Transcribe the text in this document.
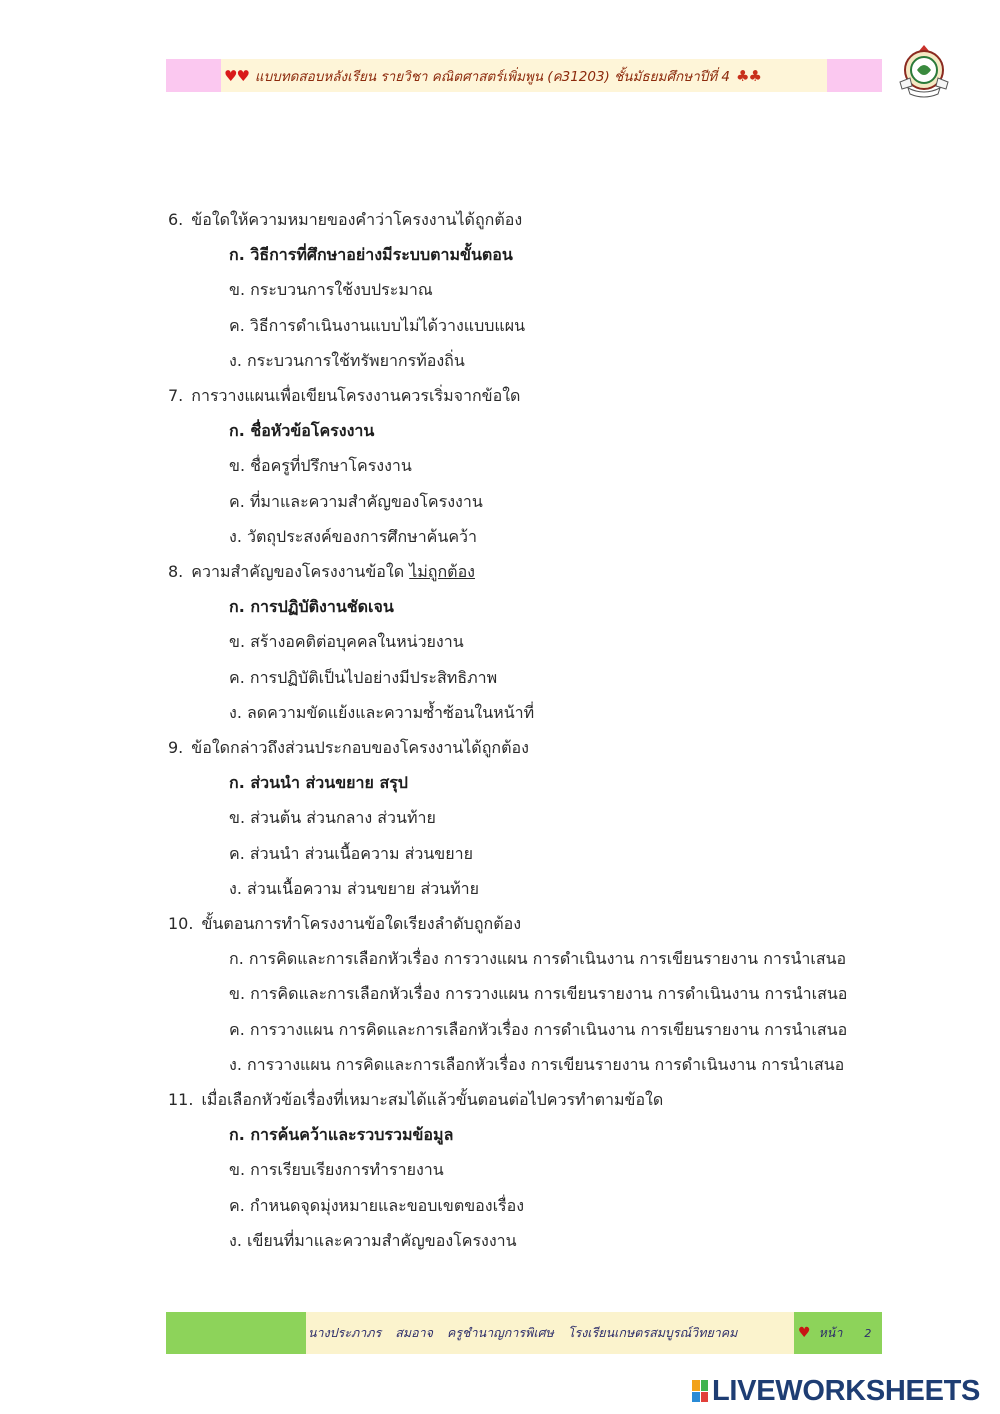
♥♥ แบบทดสอบหลังเรียน รายวิชา คณิตศาสตร์เพิ่มพูน (ค31203) ชั้นมัธยมศึกษาปีที่ 4 ♣♣
6. ข้อใดให้ความหมายของคำว่าโครงงานได้ถูกต้อง
ก. วิธีการที่ศึกษาอย่างมีระบบตามขั้นตอน
ข. กระบวนการใช้งบประมาณ
ค. วิธีการดำเนินงานแบบไม่ได้วางแบบแผน
ง. กระบวนการใช้ทรัพยากรท้องถิ่น
7. การวางแผนเพื่อเขียนโครงงานควรเริ่มจากข้อใด
ก. ชื่อหัวข้อโครงงาน
ข. ชื่อครูที่ปรึกษาโครงงาน
ค. ที่มาและความสำคัญของโครงงาน
ง. วัตถุประสงค์ของการศึกษาค้นคว้า
8. ความสำคัญของโครงงานข้อใด ไม่ถูกต้อง
ก. การปฏิบัติงานชัดเจน
ข. สร้างอคติต่อบุคคลในหน่วยงาน
ค. การปฏิบัติเป็นไปอย่างมีประสิทธิภาพ
ง. ลดความขัดแย้งและความซ้ำซ้อนในหน้าที่
9. ข้อใดกล่าวถึงส่วนประกอบของโครงงานได้ถูกต้อง
ก. ส่วนนำ ส่วนขยาย สรุป
ข. ส่วนต้น ส่วนกลาง ส่วนท้าย
ค. ส่วนนำ ส่วนเนื้อความ ส่วนขยาย
ง. ส่วนเนื้อความ ส่วนขยาย ส่วนท้าย
10. ขั้นตอนการทำโครงงานข้อใดเรียงลำดับถูกต้อง
ก. การคิดและการเลือกหัวเรื่อง การวางแผน การดำเนินงาน การเขียนรายงาน การนำเสนอ
ข. การคิดและการเลือกหัวเรื่อง การวางแผน การเขียนรายงาน การดำเนินงาน การนำเสนอ
ค. การวางแผน การคิดและการเลือกหัวเรื่อง การดำเนินงาน การเขียนรายงาน การนำเสนอ
ง. การวางแผน การคิดและการเลือกหัวเรื่อง การเขียนรายงาน การดำเนินงาน การนำเสนอ
11. เมื่อเลือกหัวข้อเรื่องที่เหมาะสมได้แล้วขั้นตอนต่อไปควรทำตามข้อใด
ก. การค้นคว้าและรวบรวมข้อมูล
ข. การเรียบเรียงการทำรายงาน
ค. กำหนดจุดมุ่งหมายและขอบเขตของเรื่อง
ง. เขียนที่มาและความสำคัญของโครงงาน
นางประภาภร สมอาจ ครูชำนาญการพิเศษ โรงเรียนเกษตรสมบูรณ์วิทยาคม	♥ หน้า 2
LIVEWORKSHEETS
